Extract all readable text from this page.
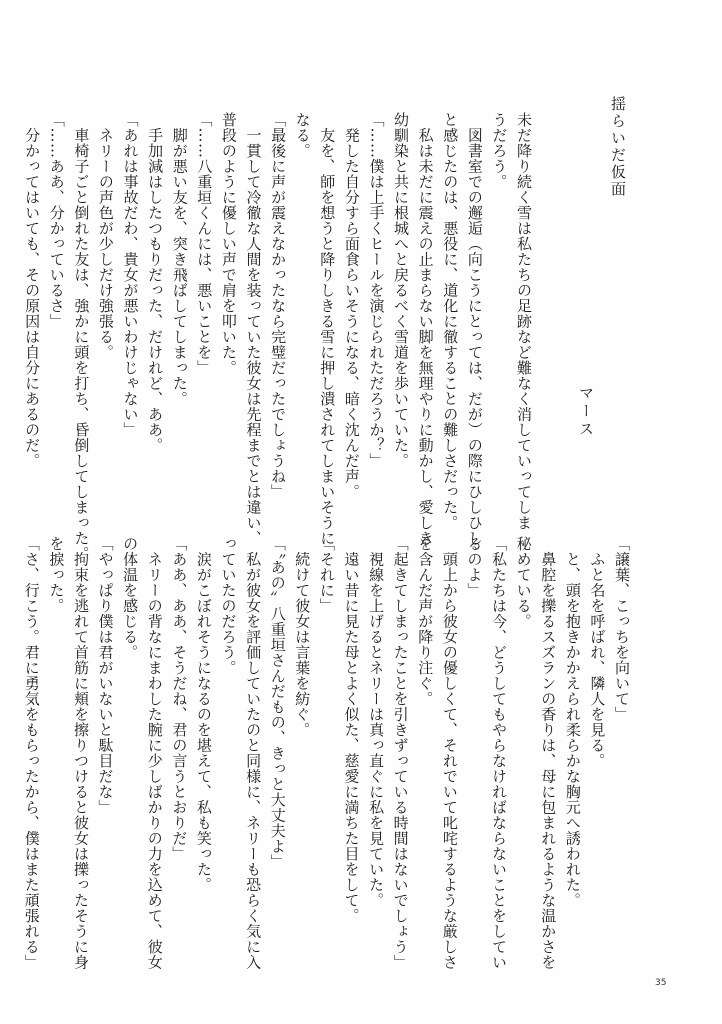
揺らいだ仮面
マース
未だ降り続く雪は私たちの足跡など難なく消していってしま
うだろう。
　図書室での邂逅（向こうにとっては、だが）の際にひしひし
と感じたのは、悪役に、道化に徹することの難しさだった。
　私は未だに震えの止まらない脚を無理やりに動かし、愛しき
幼馴染と共に根城へと戻るべく雪道を歩いていた。
「……僕は上手くヒールを演じられただろうか？」
　発した自分すら面食らいそうになる、暗く沈んだ声。
　友を、師を想うと降りしきる雪に押し潰されてしまいそうに
なる。
「最後に声が震えなかったなら完璧だったでしょうね」
　一貫して冷徹な人間を装っていた彼女は先程までとは違い、
普段のように優しい声で肩を叩いた。
「……八重垣くんには、悪いことを」
　脚が悪い友を、突き飛ばしてしまった。
　手加減はしたつもりだった、だけれど、ああ。
「あれは事故だわ、貴女が悪いわけじゃない」
　ネリーの声色が少しだけ強張る。
　車椅子ごと倒れた友は、強かに頭を打ち、昏倒してしまった。
「……ああ、分かっているさ」
　分かってはいても、その原因は自分にあるのだ。
「譲葉、こっちを向いて」
　ふと名を呼ばれ、隣人を見る。
　と、頭を抱きかかえられ柔らかな胸元へ誘われた。
　鼻腔を擽るスズランの香りは、母に包まれるような温かさを
秘めている。
「私たちは今、どうしてもやらなければならないことをしてい
るのよ」
　頭上から彼女の優しくて、それでいて叱咤するような厳しさ
を含んだ声が降り注ぐ。
「起きてしまったことを引きずっている時間はないでしょう」
　視線を上げるとネリーは真っ直ぐに私を見ていた。
　遠い昔に見た母とよく似た、慈愛に満ちた目をして。
「それに」
　続けて彼女は言葉を紡ぐ。
「〝あの〟八重垣さんだもの、きっと大丈夫よ」
　私が彼女を評価していたのと同様に、ネリーも恐らく気に入
っていたのだろう。
　涙がこぼれそうになるのを堪えて、私も笑った。
「ああ、ああ、そうだね、君の言うとおりだ」
　ネリーの背なにまわした腕に少しばかりの力を込めて、彼女
の体温を感じる。
「やっぱり僕は君がいないと駄目だな」
　拘束を逃れて首筋に頬を擦りつけると彼女は擽ったそうに身
を捩った。
「さ、行こう。君に勇気をもらったから、僕はまた頑張れる」
35
